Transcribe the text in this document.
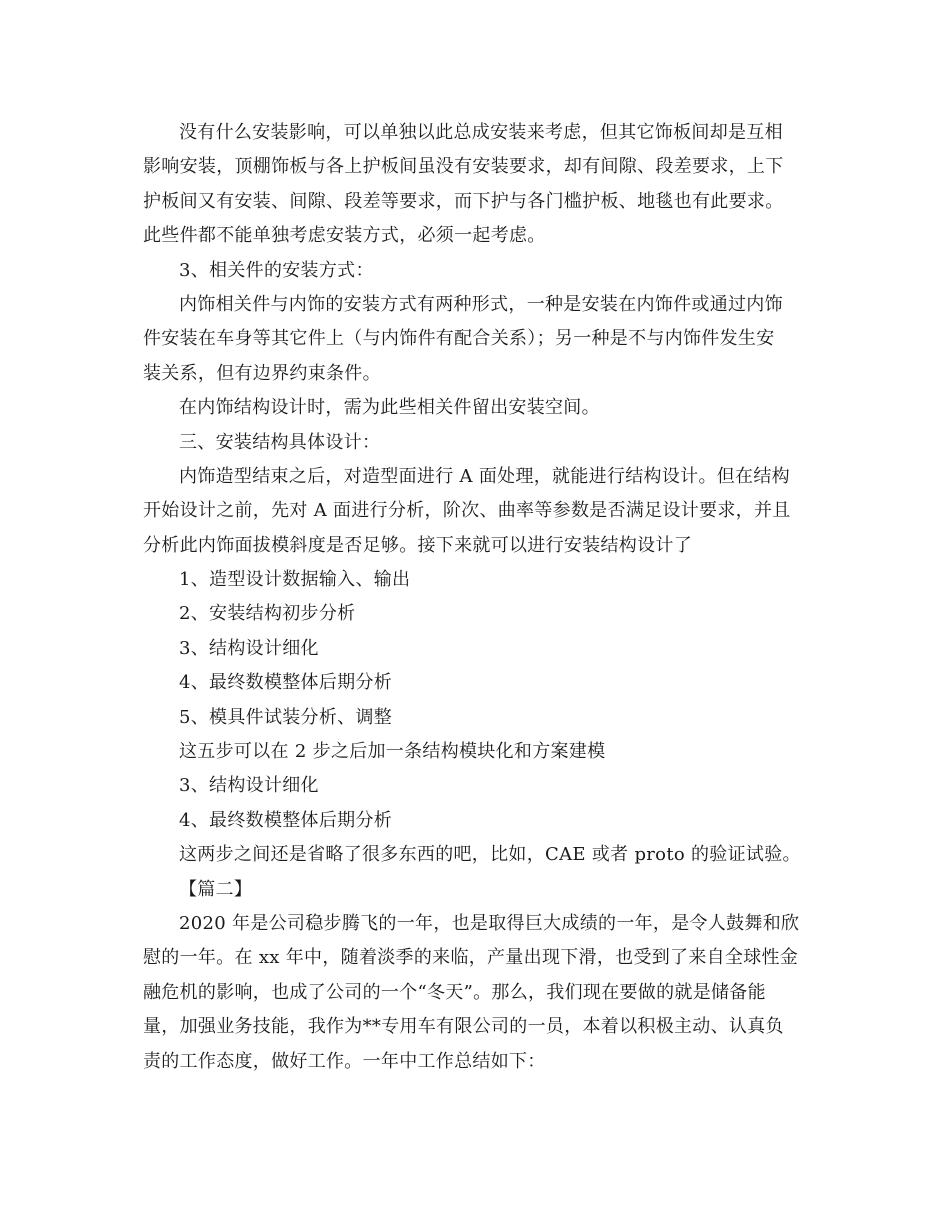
没有什么安装影响，可以单独以此总成安装来考虑，但其它饰板间却是互相
影响安装，顶棚饰板与各上护板间虽没有安装要求，却有间隙、段差要求，上下
护板间又有安装、间隙、段差等要求，而下护与各门槛护板、地毯也有此要求。
此些件都不能单独考虑安装方式，必须一起考虑。
3、相关件的安装方式：
内饰相关件与内饰的安装方式有两种形式，一种是安装在内饰件或通过内饰
件安装在车身等其它件上（与内饰件有配合关系）；另一种是不与内饰件发生安
装关系，但有边界约束条件。
在内饰结构设计时，需为此些相关件留出安装空间。
三、安装结构具体设计：
内饰造型结束之后，对造型面进行 A 面处理，就能进行结构设计。但在结构
开始设计之前，先对 A 面进行分析，阶次、曲率等参数是否满足设计要求，并且
分析此内饰面拔模斜度是否足够。接下来就可以进行安装结构设计了
1、造型设计数据输入、输出
2、安装结构初步分析
3、结构设计细化
4、最终数模整体后期分析
5、模具件试装分析、调整
这五步可以在 2 步之后加一条结构模块化和方案建模
3、结构设计细化
4、最终数模整体后期分析
这两步之间还是省略了很多东西的吧，比如，CAE 或者 proto 的验证试验。
【篇二】
2020 年是公司稳步腾飞的一年，也是取得巨大成绩的一年，是令人鼓舞和欣
慰的一年。在 xx 年中，随着淡季的来临，产量出现下滑，也受到了来自全球性金
融危机的影响，也成了公司的一个“冬天”。那么，我们现在要做的就是储备能
量，加强业务技能，我作为**专用车有限公司的一员，本着以积极主动、认真负
责的工作态度，做好工作。一年中工作总结如下：
